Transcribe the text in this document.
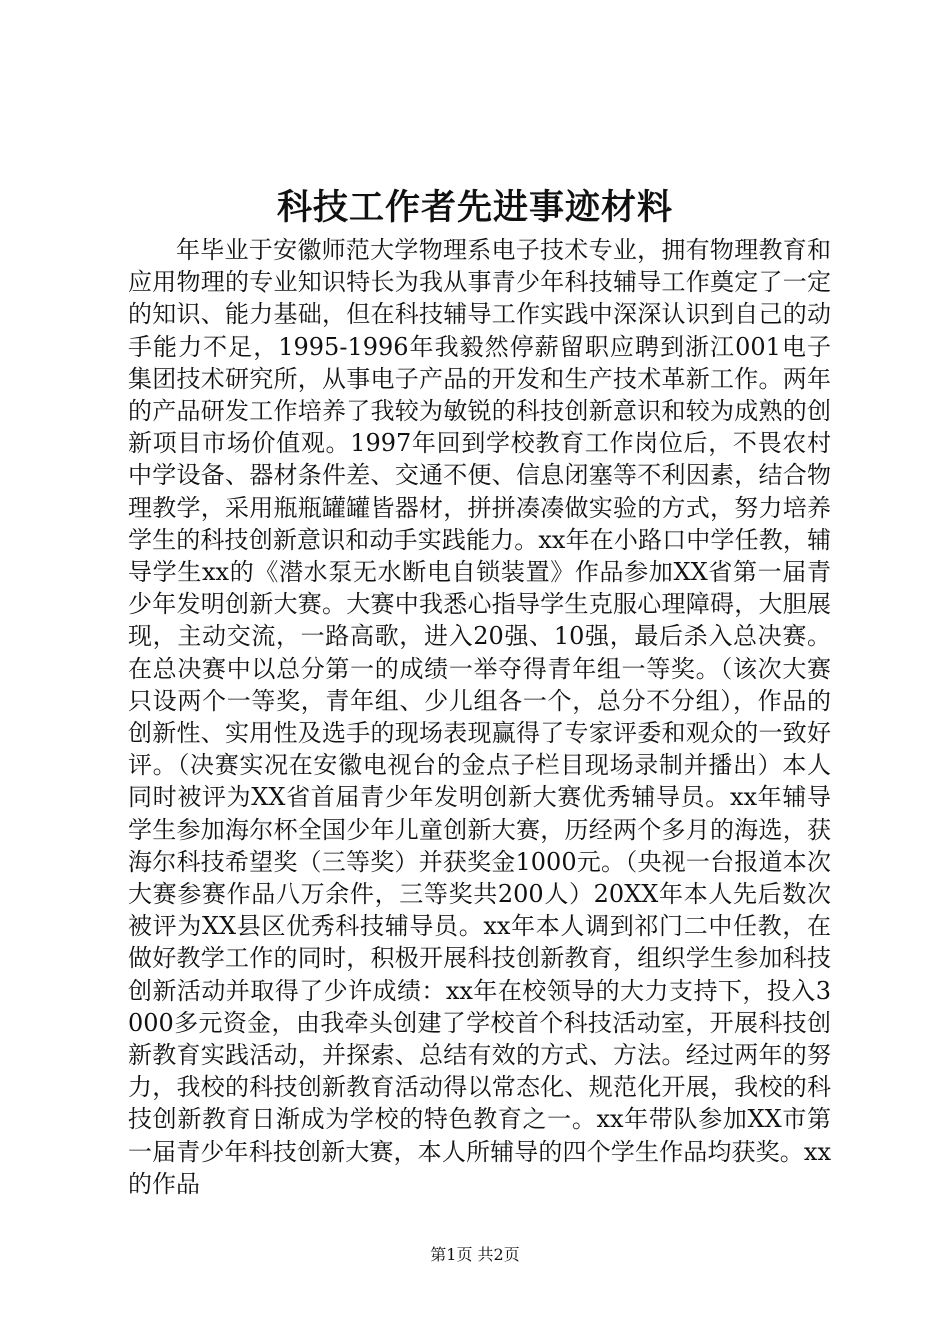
科技工作者先进事迹材料

年毕业于安徽师范大学物理系电子技术专业，拥有物理教育和应用物理的专业知识特长为我从事青少年科技辅导工作奠定了一定的知识、能力基础，但在科技辅导工作实践中深深认识到自己的动手能力不足，1995-1996年我毅然停薪留职应聘到浙江001电子集团技术研究所，从事电子产品的开发和生产技术革新工作。两年的产品研发工作培养了我较为敏锐的科技创新意识和较为成熟的创新项目市场价值观。1997年回到学校教育工作岗位后，不畏农村中学设备、器材条件差、交通不便、信息闭塞等不利因素，结合物理教学，采用瓶瓶罐罐皆器材，拼拼凑凑做实验的方式，努力培养学生的科技创新意识和动手实践能力。xx年在小路口中学任教，辅导学生xx的《潜水泵无水断电自锁装置》作品参加XX省第一届青少年发明创新大赛。大赛中我悉心指导学生克服心理障碍，大胆展现，主动交流，一路高歌，进入20强、10强，最后杀入总决赛。在总决赛中以总分第一的成绩一举夺得青年组一等奖。（该次大赛只设两个一等奖，青年组、少儿组各一个，总分不分组），作品的创新性、实用性及选手的现场表现赢得了专家评委和观众的一致好评。（决赛实况在安徽电视台的金点子栏目现场录制并播出）本人同时被评为XX省首届青少年发明创新大赛优秀辅导员。xx年辅导学生参加海尔杯全国少年儿童创新大赛，历经两个多月的海选，获海尔科技希望奖（三等奖）并获奖金1000元。（央视一台报道本次大赛参赛作品八万余件，三等奖共200人）20XX年本人先后数次被评为XX县区优秀科技辅导员。xx年本人调到祁门二中任教，在做好教学工作的同时，积极开展科技创新教育，组织学生参加科技创新活动并取得了少许成绩：xx年在校领导的大力支持下，投入3000多元资金，由我牵头创建了学校首个科技活动室，开展科技创新教育实践活动，并探索、总结有效的方式、方法。经过两年的努力，我校的科技创新教育活动得以常态化、规范化开展，我校的科技创新教育日渐成为学校的特色教育之一。xx年带队参加XX市第一届青少年科技创新大赛，本人所辅导的四个学生作品均获奖。xx的作品

第1页 共2页
